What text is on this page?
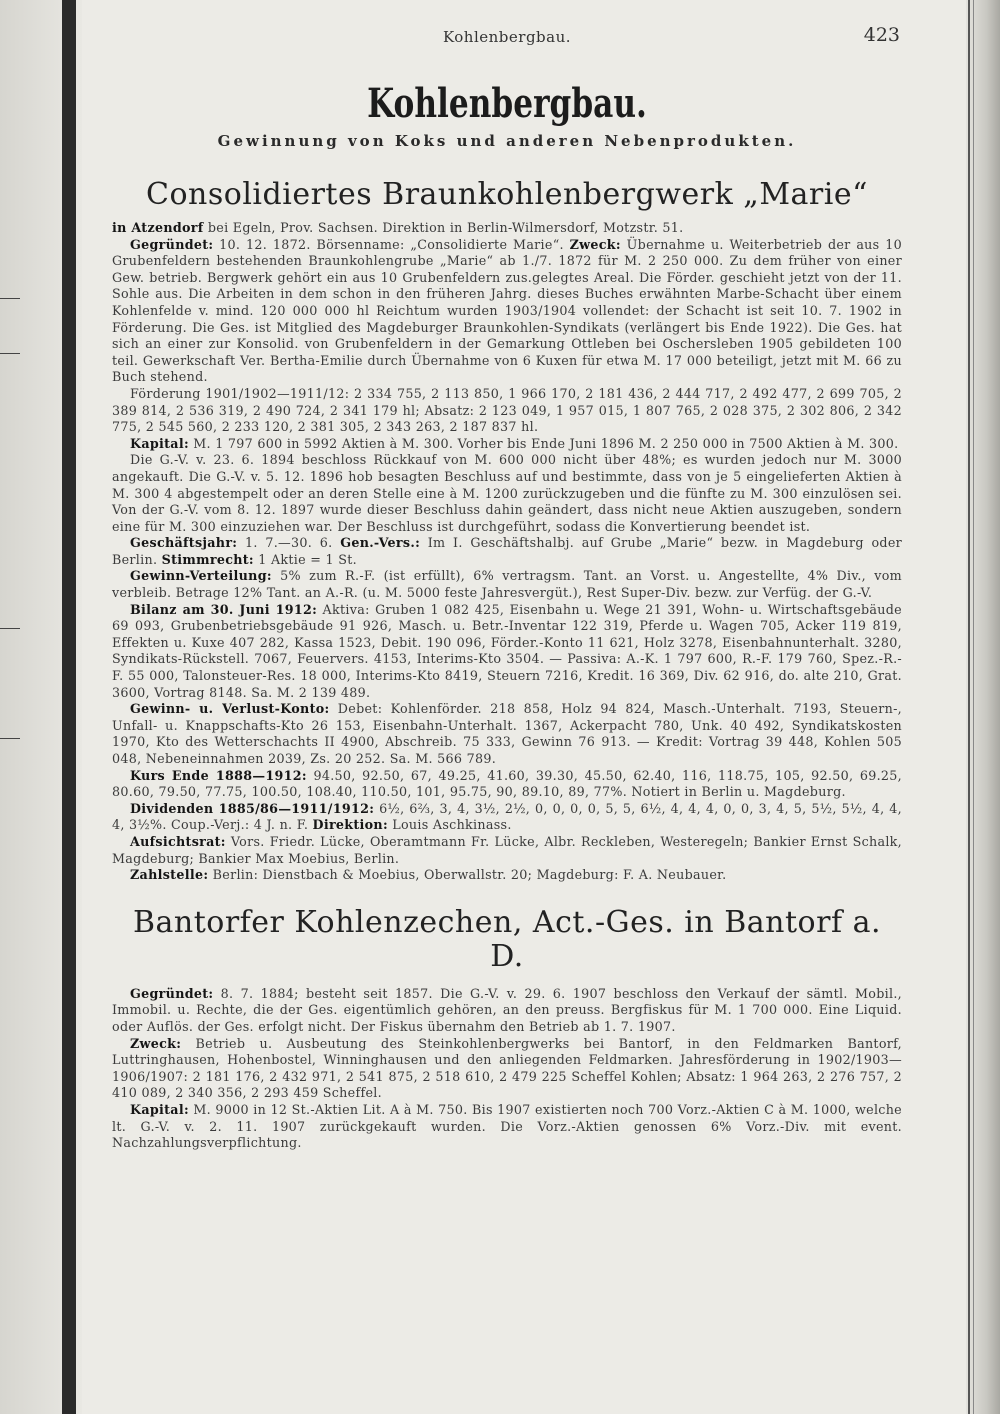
Kohlenbergbau.	423
Kohlenbergbau.
Gewinnung von Koks und anderen Nebenprodukten.
Consolidiertes Braunkohlenbergwerk „Marie“

in Atzendorf bei Egeln, Prov. Sachsen. Direktion in Berlin-Wilmersdorf, Motzstr. 51.

Gegründet: 10. 12. 1872. Börsenname: „Consolidierte Marie“. Zweck: Übernahme u. Weiterbetrieb der aus 10 Grubenfeldern bestehenden Braunkohlengrube „Marie“ ab 1./7. 1872 für M. 2 250 000. Zu dem früher von einer Gew. betrieb. Bergwerk gehört ein aus 10 Grubenfeldern zus.gelegtes Areal. Die Förder. geschieht jetzt von der 11. Sohle aus. Die Arbeiten in dem schon in den früheren Jahrg. dieses Buches erwähnten Marbe-Schacht über einem Kohlenfelde v. mind. 120 000 000 hl Reichtum wurden 1903/1904 vollendet: der Schacht ist seit 10. 7. 1902 in Förderung. Die Ges. ist Mitglied des Magdeburger Braunkohlen-Syndikats (verlängert bis Ende 1922). Die Ges. hat sich an einer zur Konsolid. von Grubenfeldern in der Gemarkung Ottleben bei Oschersleben 1905 gebildeten 100 teil. Gewerkschaft Ver. Bertha-Emilie durch Übernahme von 6 Kuxen für etwa M. 17 000 beteiligt, jetzt mit M. 66 zu Buch stehend.

Förderung 1901/1902—1911/12: 2 334 755, 2 113 850, 1 966 170, 2 181 436, 2 444 717, 2 492 477, 2 699 705, 2 389 814, 2 536 319, 2 490 724, 2 341 179 hl; Absatz: 2 123 049, 1 957 015, 1 807 765, 2 028 375, 2 302 806, 2 342 775, 2 545 560, 2 233 120, 2 381 305, 2 343 263, 2 187 837 hl.

Kapital: M. 1 797 600 in 5992 Aktien à M. 300. Vorher bis Ende Juni 1896 M. 2 250 000 in 7500 Aktien à M. 300.

Die G.-V. v. 23. 6. 1894 beschloss Rückkauf von M. 600 000 nicht über 48%; es wurden jedoch nur M. 3000 angekauft. Die G.-V. v. 5. 12. 1896 hob besagten Beschluss auf und bestimmte, dass von je 5 eingelieferten Aktien à M. 300 4 abgestempelt oder an deren Stelle eine à M. 1200 zurückzugeben und die fünfte zu M. 300 einzulösen sei. Von der G.-V. vom 8. 12. 1897 wurde dieser Beschluss dahin geändert, dass nicht neue Aktien auszugeben, sondern eine für M. 300 einzuziehen war. Der Beschluss ist durchgeführt, sodass die Konvertierung beendet ist.

Geschäftsjahr: 1. 7.—30. 6. Gen.-Vers.: Im I. Geschäftshalbj. auf Grube „Marie“ bezw. in Magdeburg oder Berlin. Stimmrecht: 1 Aktie = 1 St.

Gewinn-Verteilung: 5% zum R.-F. (ist erfüllt), 6% vertragsm. Tant. an Vorst. u. Angestellte, 4% Div., vom verbleib. Betrage 12% Tant. an A.-R. (u. M. 5000 feste Jahresvergüt.), Rest Super-Div. bezw. zur Verfüg. der G.-V.

Bilanz am 30. Juni 1912: Aktiva: Gruben 1 082 425, Eisenbahn u. Wege 21 391, Wohn- u. Wirtschaftsgebäude 69 093, Grubenbetriebsgebäude 91 926, Masch. u. Betr.-Inventar 122 319, Pferde u. Wagen 705, Acker 119 819, Effekten u. Kuxe 407 282, Kassa 1523, Debit. 190 096, Förder.-Konto 11 621, Holz 3278, Eisenbahnunterhalt. 3280, Syndikats-Rückstell. 7067, Feuervers. 4153, Interims-Kto 3504. — Passiva: A.-K. 1 797 600, R.-F. 179 760, Spez.-R.-F. 55 000, Talonsteuer-Res. 18 000, Interims-Kto 8419, Steuern 7216, Kredit. 16 369, Div. 62 916, do. alte 210, Grat. 3600, Vortrag 8148. Sa. M. 2 139 489.

Gewinn- u. Verlust-Konto: Debet: Kohlenförder. 218 858, Holz 94 824, Masch.-Unterhalt. 7193, Steuern-, Unfall- u. Knappschafts-Kto 26 153, Eisenbahn-Unterhalt. 1367, Ackerpacht 780, Unk. 40 492, Syndikatskosten 1970, Kto des Wetterschachts II 4900, Abschreib. 75 333, Gewinn 76 913. — Kredit: Vortrag 39 448, Kohlen 505 048, Nebeneinnahmen 2039, Zs. 20 252. Sa. M. 566 789.

Kurs Ende 1888—1912: 94.50, 92.50, 67, 49.25, 41.60, 39.30, 45.50, 62.40, 116, 118.75, 105, 92.50, 69.25, 80.60, 79.50, 77.75, 100.50, 108.40, 110.50, 101, 95.75, 90, 89.10, 89, 77%. Notiert in Berlin u. Magdeburg.

Dividenden 1885/86—1911/1912: 6½, 6⅔, 3, 4, 3½, 2½, 0, 0, 0, 0, 5, 5, 6½, 4, 4, 4, 0, 0, 3, 4, 5, 5½, 5½, 4, 4, 4, 3½%. Coup.-Verj.: 4 J. n. F. Direktion: Louis Aschkinass.

Aufsichtsrat: Vors. Friedr. Lücke, Oberamtmann Fr. Lücke, Albr. Reckleben, Westeregeln; Bankier Ernst Schalk, Magdeburg; Bankier Max Moebius, Berlin.

Zahlstelle: Berlin: Dienstbach & Moebius, Oberwallstr. 20; Magdeburg: F. A. Neubauer.

Bantorfer Kohlenzechen, Act.-Ges. in Bantorf a. D.

Gegründet: 8. 7. 1884; besteht seit 1857. Die G.-V. v. 29. 6. 1907 beschloss den Verkauf der sämtl. Mobil., Immobil. u. Rechte, die der Ges. eigentümlich gehören, an den preuss. Bergfiskus für M. 1 700 000. Eine Liquid. oder Auflös. der Ges. erfolgt nicht. Der Fiskus übernahm den Betrieb ab 1. 7. 1907.

Zweck: Betrieb u. Ausbeutung des Steinkohlenbergwerks bei Bantorf, in den Feldmarken Bantorf, Luttringhausen, Hohenbostel, Winninghausen und den anliegenden Feldmarken. Jahresförderung in 1902/1903—1906/1907: 2 181 176, 2 432 971, 2 541 875, 2 518 610, 2 479 225 Scheffel Kohlen; Absatz: 1 964 263, 2 276 757, 2 410 089, 2 340 356, 2 293 459 Scheffel.

Kapital: M. 9000 in 12 St.-Aktien Lit. A à M. 750. Bis 1907 existierten noch 700 Vorz.-Aktien C à M. 1000, welche lt. G.-V. v. 2. 11. 1907 zurückgekauft wurden. Die Vorz.-Aktien genossen 6% Vorz.-Div. mit event. Nachzahlungsverpflichtung.
